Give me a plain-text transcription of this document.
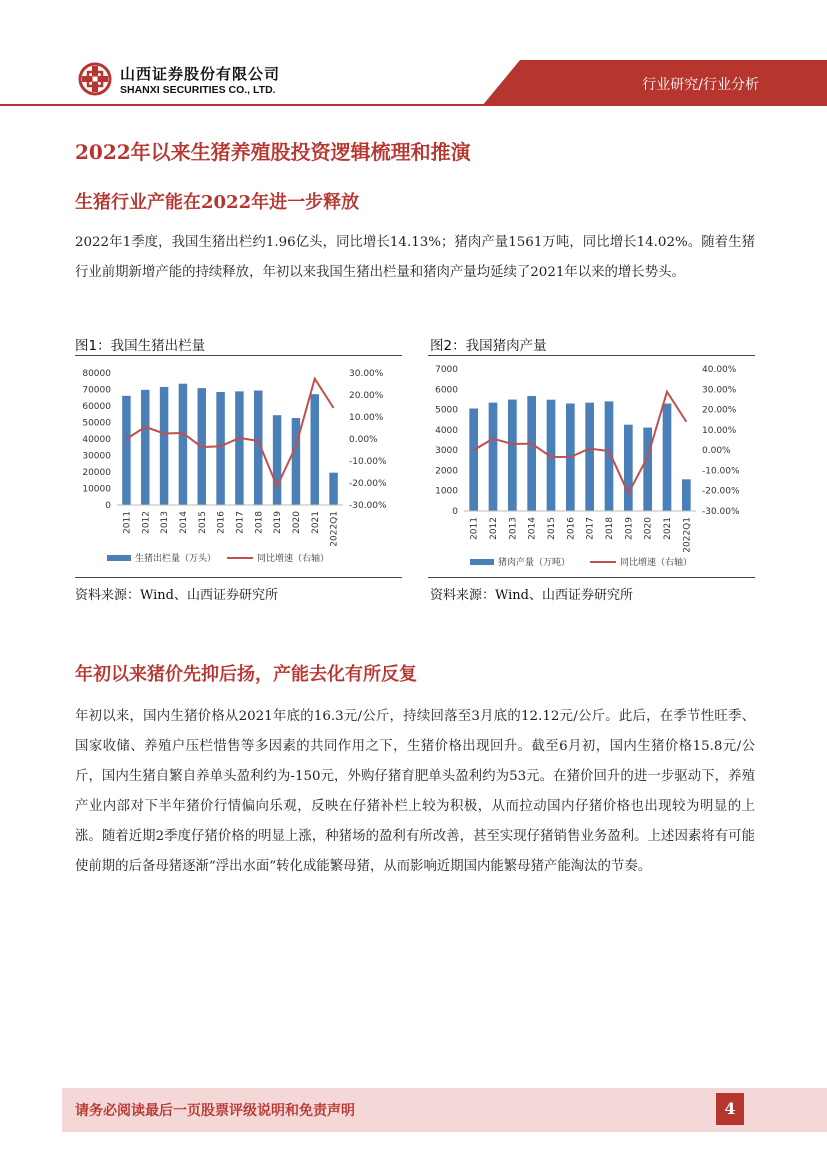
山西证券股份有限公司
SHANXI SECURITIES CO., LTD.	行业研究/行业分析
2022年以来生猪养殖股投资逻辑梳理和推演
生猪行业产能在2022年进一步释放
2022年1季度，我国生猪出栏约1.96亿头，同比增长14.13%；猪肉产量1561万吨，同比增长14.02%。随着生猪行业前期新增产能的持续释放，年初以来我国生猪出栏量和猪肉产量均延续了2021年以来的增长势头。
图1：我国生猪出栏量
0
10000
20000
30000
40000
50000
60000
70000
80000
-30.00%
-20.00%
-10.00%
0.00%
10.00%
20.00%
30.00%
2011 2012 2013 2014 2015 2016 2017 2018 2019 2020 2021 2022Q1
生猪出栏量（万头）	同比增速（右轴）
资料来源：Wind、山西证券研究所
图2：我国猪肉产量
0
1000
2000
3000
4000
5000
6000
7000
-30.00%
-20.00%
-10.00%
0.00%
10.00%
20.00%
30.00%
40.00%
2011 2012 2013 2014 2015 2016 2017 2018 2019 2020 2021 2022Q1
猪肉产量（万吨）	同比增速（右轴）
资料来源：Wind、山西证券研究所
年初以来猪价先抑后扬，产能去化有所反复
年初以来，国内生猪价格从2021年底的16.3元/公斤，持续回落至3月底的12.12元/公斤。此后，在季节性旺季、国家收储、养殖户压栏惜售等多因素的共同作用之下，生猪价格出现回升。截至6月初，国内生猪价格15.8元/公斤，国内生猪自繁自养单头盈利约为-150元，外购仔猪育肥单头盈利约为53元。在猪价回升的进一步驱动下，养殖产业内部对下半年猪价行情偏向乐观，反映在仔猪补栏上较为积极，从而拉动国内仔猪价格也出现较为明显的上涨。随着近期2季度仔猪价格的明显上涨，种猪场的盈利有所改善，甚至实现仔猪销售业务盈利。上述因素将有可能使前期的后备母猪逐渐“浮出水面”转化成能繁母猪，从而影响近期国内能繁母猪产能淘汰的节奏。
请务必阅读最后一页股票评级说明和免责声明	4
